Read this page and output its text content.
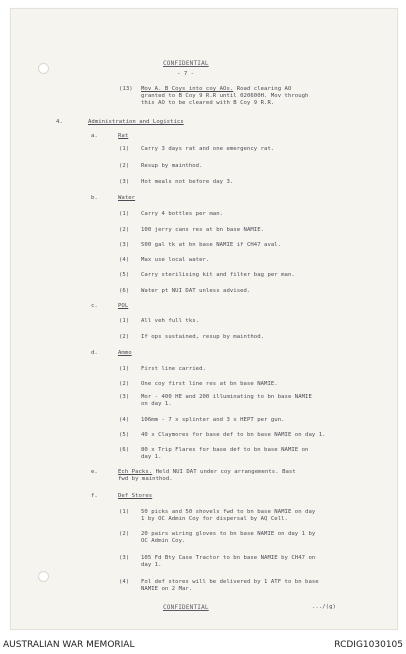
CONFIDENTIAL
- 7 -
(13) Mov A. B Coys into coy AOs. Road clearing AO
granted to B Coy 9 R.R until 020600H. Mov through
this AO to be cleared with B Coy 9 R.R.
4.	Administration and Logistics
a.	Rat
(1) Carry 3 days rat and one emergency rat.
(2) Resup by mainthod.
(3) Hot meals not before day 3.
b.	Water
(1) Carry 4 bottles per man.
(2) 100 jerry cans res at bn base NAMIE.
(3) 500 gal tk at bn base NAMIE if CH47 aval.
(4) Max use local water.
(5) Carry sterilising kit and filter bag per man.
(6) Water pt NUI DAT unless advised.
c.	POL
(1) All veh full tks.
(2) If ops sustained, resup by mainthod.
d.	Ammo
(1) First line carried.
(2) One coy first line res at bn base NAMIE.
(3) Mor - 400 HE and 200 illuminating to bn base NAMIE
on day 1.
(4) 106mm - 7 x splinter and 3 x HEPT per gun.
(5) 40 x Claymores for base def to bn base NAMIE on day 1.
(6) 80 x Trip Flares for base def to bn base NAMIE on
day 1.
e.	Ech Packs. Held NUI DAT under coy arrangements. Bast
fwd by mainthod.
f.	Def Stores
(1) 50 picks and 50 shovels fwd to bn base NAMIE on day
1 by OC Admin Coy for dispersal by AQ Cell.
(2) 20 pairs wiring gloves to bn base NAMIE on day 1 by
OC Admin Coy.
(3) 105 Fd Bty Case Tractor to bn base NAMIE by CH47 on
day 1.
(4) Fol def stores will be delivered by 1 ATF to bn base
NAMIE on 2 Mar.
CONFIDENTIAL	.../(g)
AUSTRALIAN WAR MEMORIAL	RCDIG1030105
